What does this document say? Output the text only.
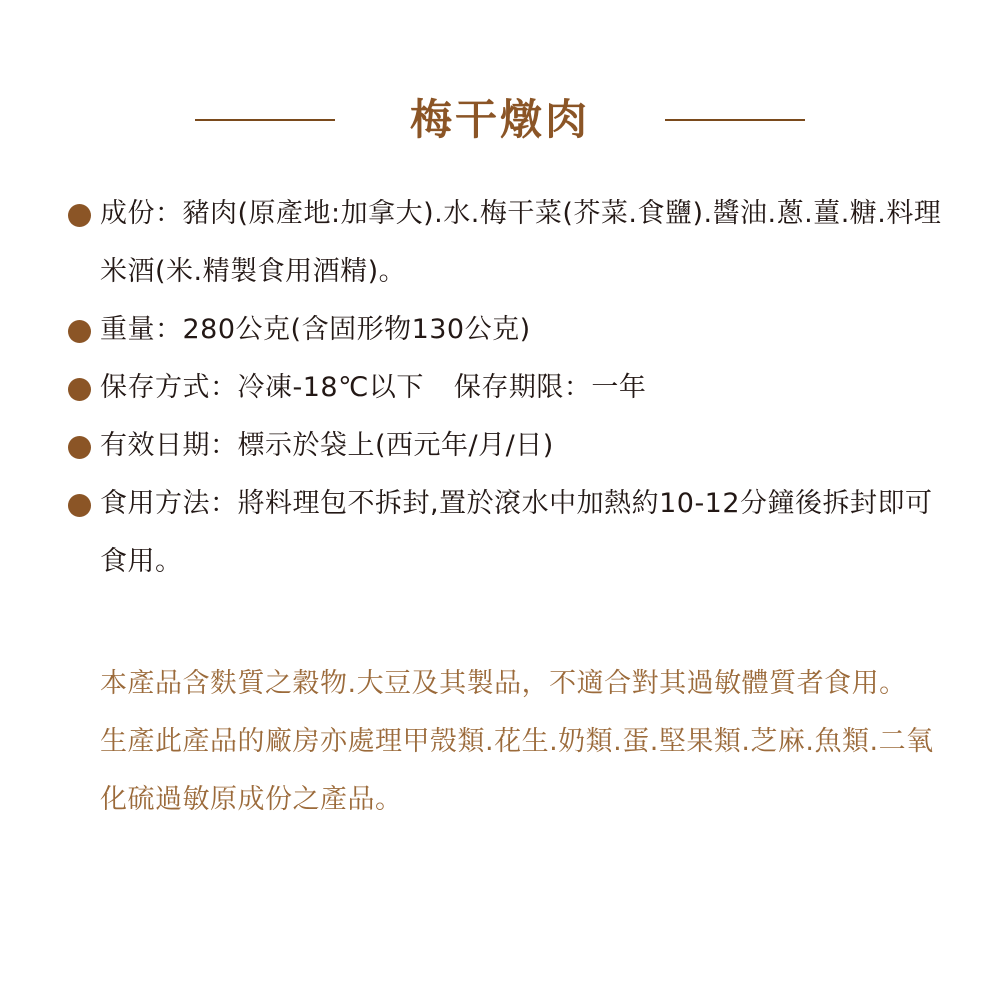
梅干燉肉
成份：豬肉(原產地:加拿大).水.梅干菜(芥菜.食鹽).醬油.蔥.薑.糖.料理米酒(米.精製食用酒精)。
重量：280公克(含固形物130公克)
保存方式：冷凍-18℃以下 保存期限：一年
有效日期：標示於袋上(西元年/月/日)
食用方法：將料理包不拆封,置於滾水中加熱約10-12分鐘後拆封即可食用。

本產品含麩質之穀物.大豆及其製品，不適合對其過敏體質者食用。

生產此產品的廠房亦處理甲殼類.花生.奶類.蛋.堅果類.芝麻.魚類.二氧化硫過敏原成份之產品。
